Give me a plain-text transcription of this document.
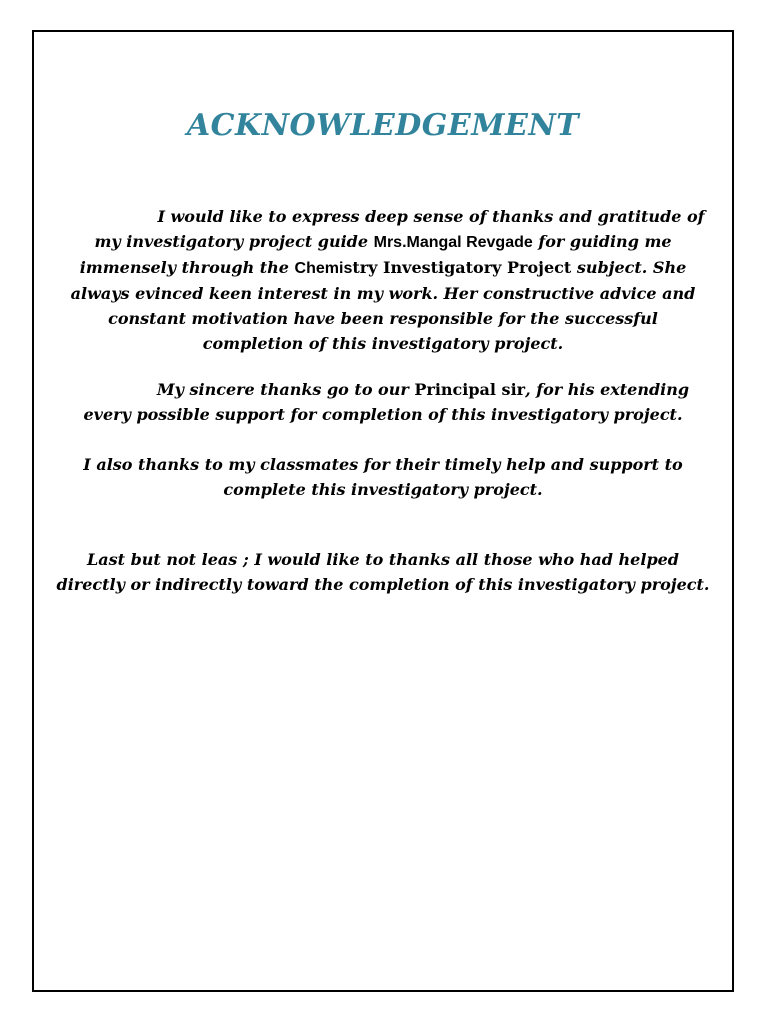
ACKNOWLEDGEMENT

I would like to express deep sense of thanks and gratitude of my investigatory project guide Mrs.Mangal Revgade for guiding me immensely through the Chemistry Investigatory Project subject. She always evinced keen interest in my work. Her constructive advice and constant motivation have been responsible for the successful completion of this investigatory project.

My sincere thanks go to our Principal sir, for his extending every possible support for completion of this investigatory project.

I also thanks to my classmates for their timely help and support to complete this investigatory project.

Last but not leas ; I would like to thanks all those who had helped directly or indirectly toward the completion of this investigatory project.
